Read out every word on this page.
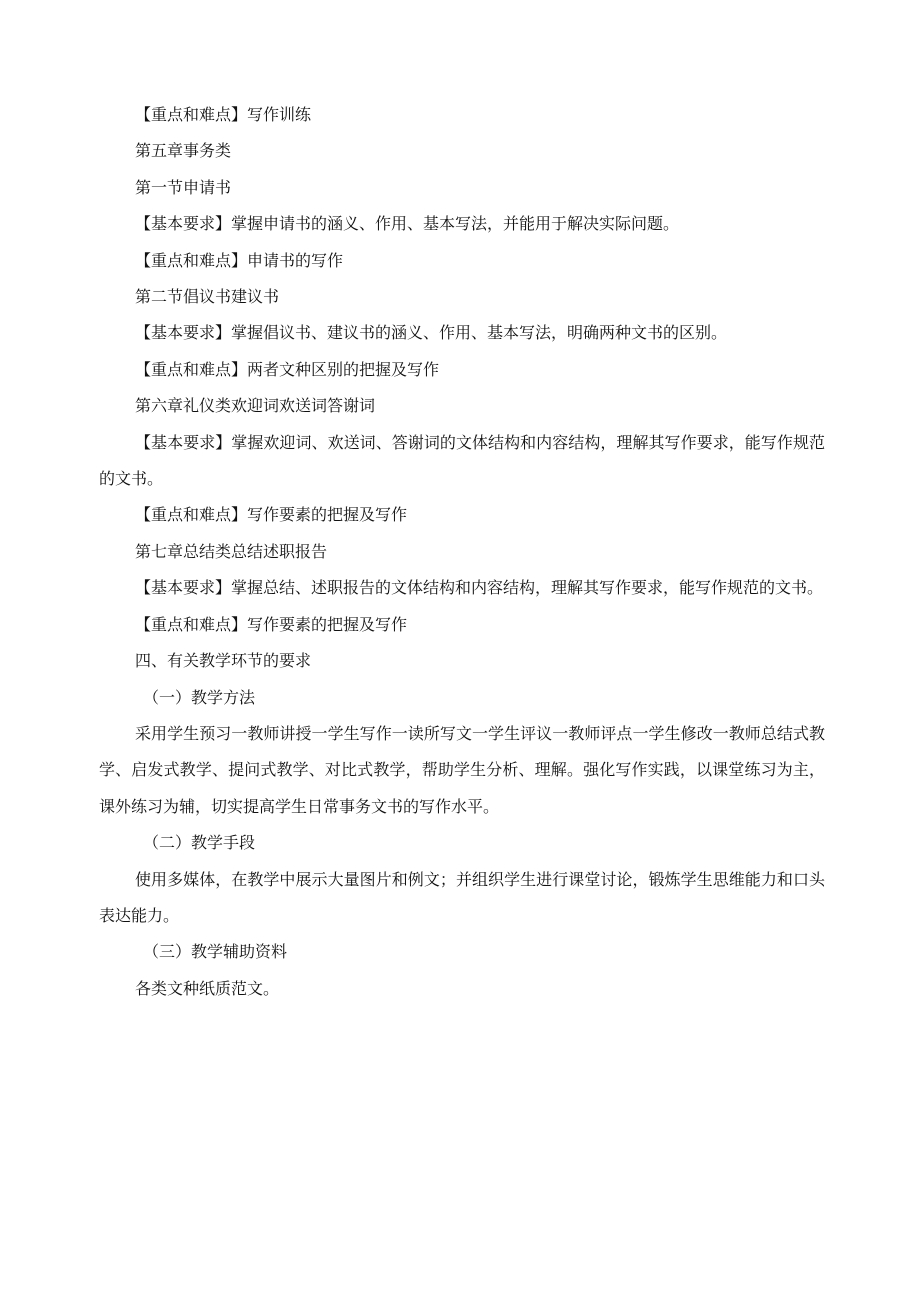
【重点和难点】写作训练

第五章事务类

第一节申请书

【基本要求】掌握申请书的涵义、作用、基本写法，并能用于解决实际问题。

【重点和难点】申请书的写作

第二节倡议书建议书

【基本要求】掌握倡议书、建议书的涵义、作用、基本写法，明确两种文书的区别。

【重点和难点】两者文种区别的把握及写作

第六章礼仪类欢迎词欢送词答谢词

【基本要求】掌握欢迎词、欢送词、答谢词的文体结构和内容结构，理解其写作要求，能写作规范的文书。

【重点和难点】写作要素的把握及写作

第七章总结类总结述职报告

【基本要求】掌握总结、述职报告的文体结构和内容结构，理解其写作要求，能写作规范的文书。

【重点和难点】写作要素的把握及写作

四、有关教学环节的要求

（一）教学方法

采用学生预习一教师讲授一学生写作一读所写文一学生评议一教师评点一学生修改一教师总结式教学、启发式教学、提问式教学、对比式教学，帮助学生分析、理解。强化写作实践，以课堂练习为主，课外练习为辅，切实提高学生日常事务文书的写作水平。

（二）教学手段

使用多媒体，在教学中展示大量图片和例文；并组织学生进行课堂讨论，锻炼学生思维能力和口头表达能力。

（三）教学辅助资料

各类文种纸质范文。
